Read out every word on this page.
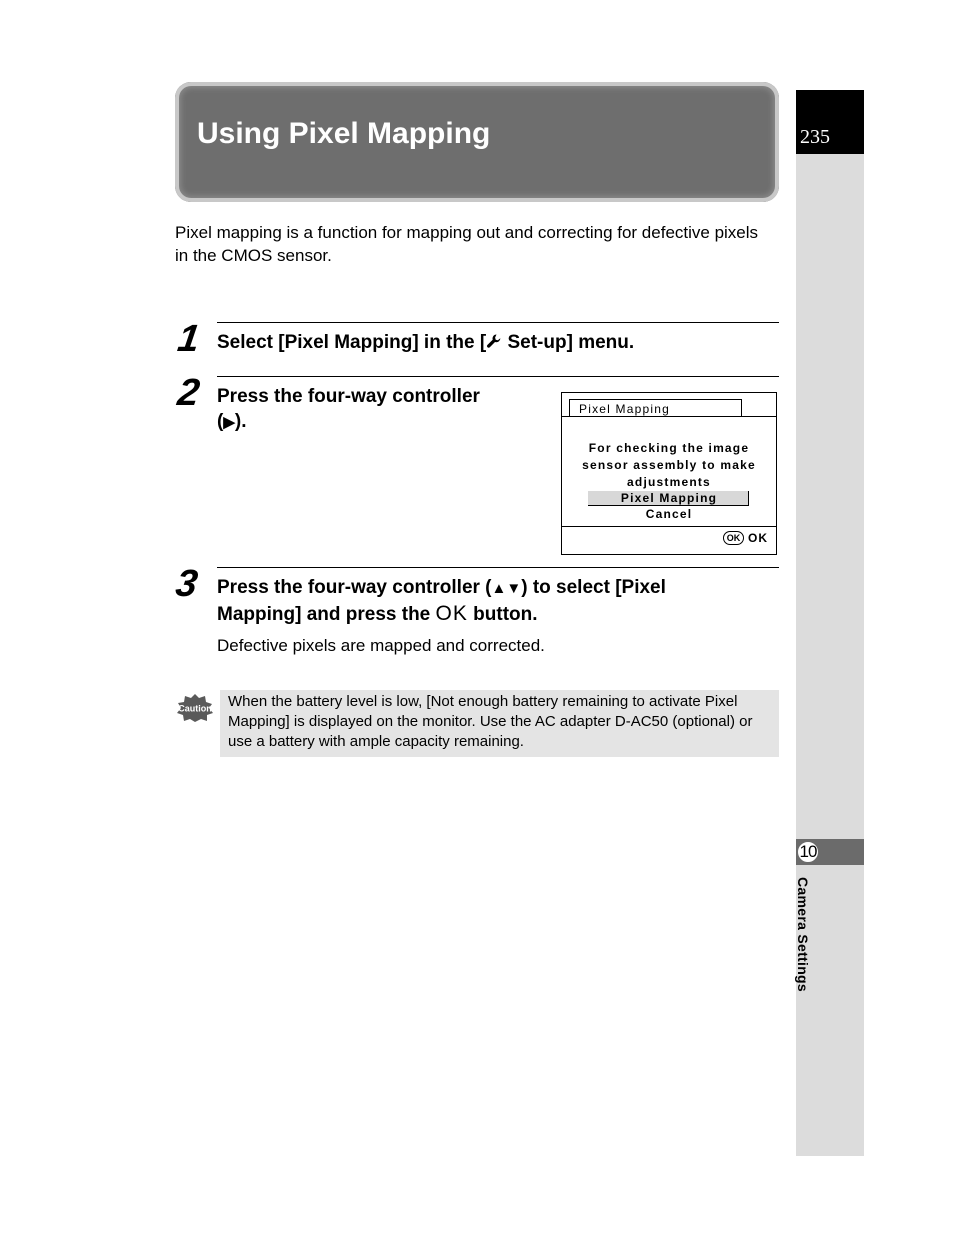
235
10
Camera Settings
Using Pixel Mapping
Pixel mapping is a function for mapping out and correcting for defective pixels in the CMOS sensor.
1 Select [Pixel Mapping] in the [ Set-up] menu.
2 Press the four-way controller
(▶).
Pixel Mapping
For checking the image
sensor assembly to make
adjustments
Pixel Mapping
Cancel
OK OK
3 Press the four-way controller (▲▼) to select [Pixel
Mapping] and press the OK button.
Defective pixels are mapped and corrected.
Caution When the battery level is low, [Not enough battery remaining to activate Pixel Mapping] is displayed on the monitor. Use the AC adapter D-AC50 (optional) or use a battery with ample capacity remaining.
